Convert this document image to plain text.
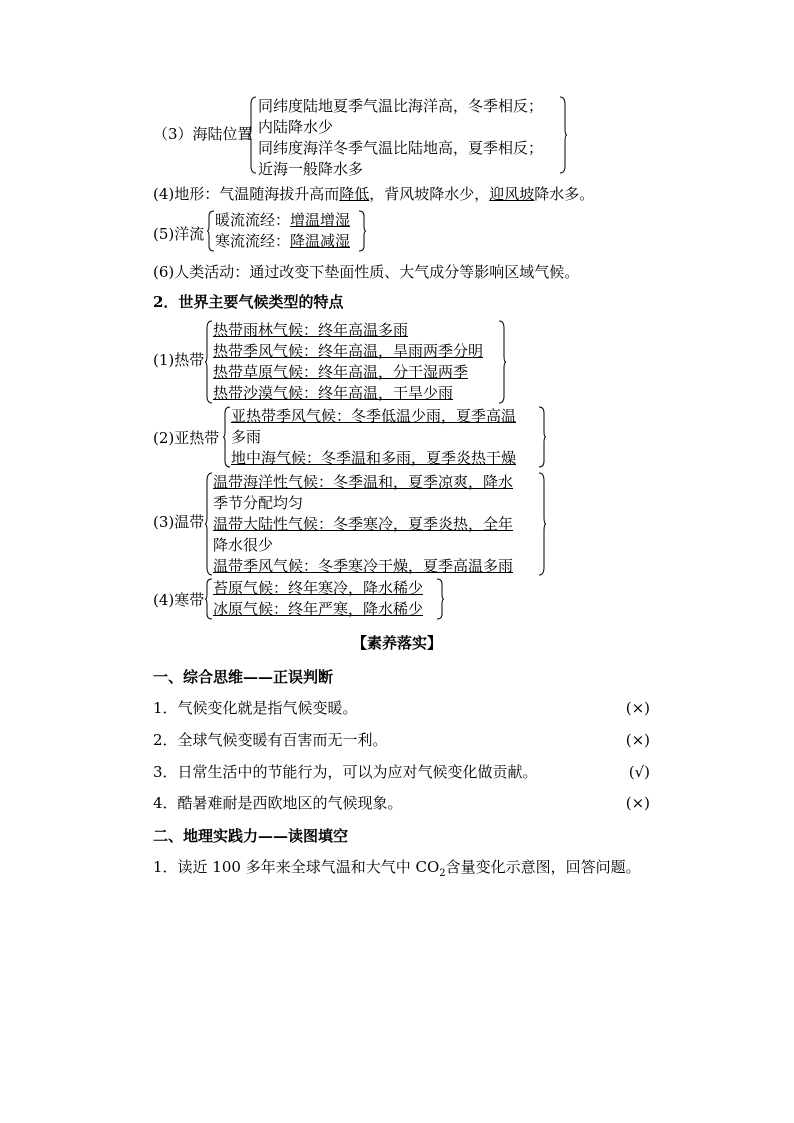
（3）海陆位置
同纬度陆地夏季气温比海洋高，冬季相反；
内陆降水少
同纬度海洋冬季气温比陆地高，夏季相反；
近海一般降水多
(4)地形：气温随海拔升高而降低，背风坡降水少，迎风坡降水多。
(5)洋流
暖流流经：增温增湿
寒流流经：降温减湿
(6)人类活动：通过改变下垫面性质、大气成分等影响区域气候。
2．世界主要气候类型的特点
(1)热带
热带雨林气候：终年高温多雨
热带季风气候：终年高温，旱雨两季分明
热带草原气候：终年高温，分干湿两季
热带沙漠气候：终年高温，干旱少雨
(2)亚热带
亚热带季风气候：冬季低温少雨，夏季高温
多雨
地中海气候：冬季温和多雨，夏季炎热干燥
(3)温带
温带海洋性气候：冬季温和，夏季凉爽，降水
季节分配均匀
温带大陆性气候：冬季寒冷，夏季炎热，全年
降水很少
温带季风气候：冬季寒冷干燥，夏季高温多雨
(4)寒带
苔原气候：终年寒冷，降水稀少
冰原气候：终年严寒，降水稀少
【素养落实】
一、综合思维——正误判断
1．气候变化就是指气候变暖。	(×)
2．全球气候变暖有百害而无一利。	(×)
3．日常生活中的节能行为，可以为应对气候变化做贡献。	(√)
4．酷暑难耐是西欧地区的气候现象。	(×)
二、地理实践力——读图填空
1．读近 100 多年来全球气温和大气中 $CO_2$含量变化示意图，回答问题。
